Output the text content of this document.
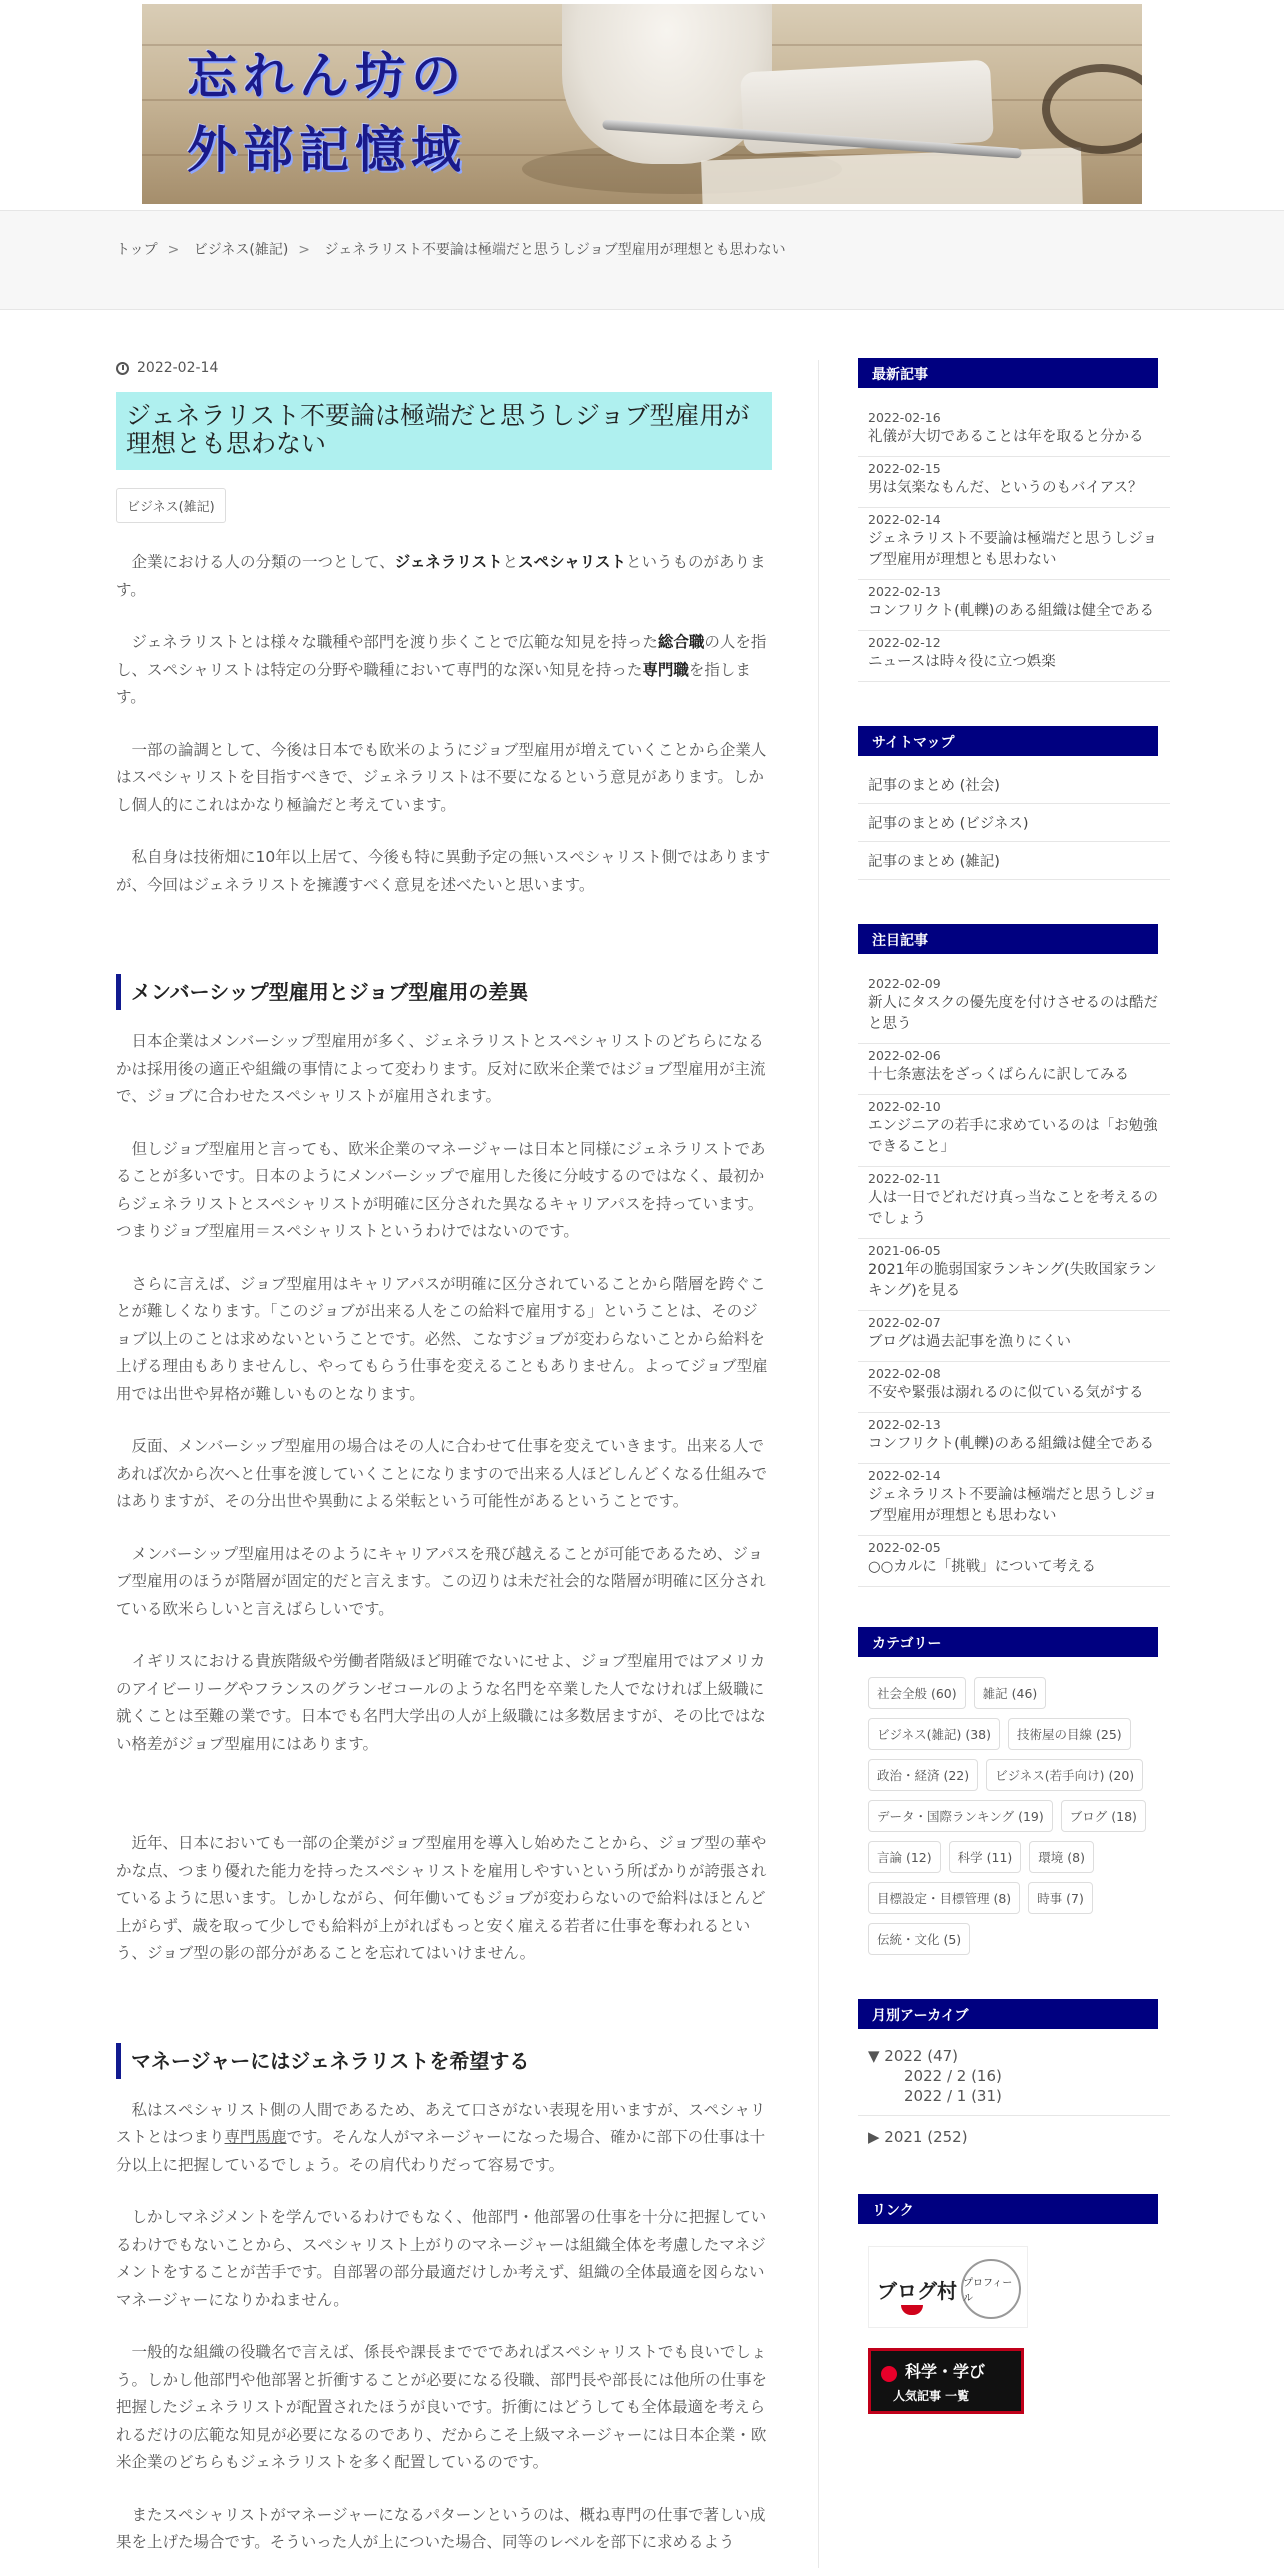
忘れん坊の
外部記憶域
トップ > ビジネス(雑記) > ジェネラリスト不要論は極端だと思うしジョブ型雇用が理想とも思わない
2022-02-14
ジェネラリスト不要論は極端だと思うしジョブ型雇用が理想とも思わない
ビジネス(雑記)

企業における人の分類の一つとして、ジェネラリストとスペシャリストというものがあります。

ジェネラリストとは様々な職種や部門を渡り歩くことで広範な知見を持った総合職の人を指し、スペシャリストは特定の分野や職種において専門的な深い知見を持った専門職を指します。

一部の論調として、今後は日本でも欧米のようにジョブ型雇用が増えていくことから企業人はスペシャリストを目指すべきで、ジェネラリストは不要になるという意見があります。しかし個人的にこれはかなり極論だと考えています。

私自身は技術畑に10年以上居て、今後も特に異動予定の無いスペシャリスト側ではありますが、今回はジェネラリストを擁護すべく意見を述べたいと思います。

メンバーシップ型雇用とジョブ型雇用の差異

日本企業はメンバーシップ型雇用が多く、ジェネラリストとスペシャリストのどちらになるかは採用後の適正や組織の事情によって変わります。反対に欧米企業ではジョブ型雇用が主流で、ジョブに合わせたスペシャリストが雇用されます。

但しジョブ型雇用と言っても、欧米企業のマネージャーは日本と同様にジェネラリストであることが多いです。日本のようにメンバーシップで雇用した後に分岐するのではなく、最初からジェネラリストとスペシャリストが明確に区分された異なるキャリアパスを持っています。つまりジョブ型雇用＝スペシャリストというわけではないのです。

さらに言えば、ジョブ型雇用はキャリアパスが明確に区分されていることから階層を跨ぐことが難しくなります。「このジョブが出来る人をこの給料で雇用する」ということは、そのジョブ以上のことは求めないということです。必然、こなすジョブが変わらないことから給料を上げる理由もありませんし、やってもらう仕事を変えることもありません。よってジョブ型雇用では出世や昇格が難しいものとなります。

反面、メンバーシップ型雇用の場合はその人に合わせて仕事を変えていきます。出来る人であれば次から次へと仕事を渡していくことになりますので出来る人ほどしんどくなる仕組みではありますが、その分出世や異動による栄転という可能性があるということです。

メンバーシップ型雇用はそのようにキャリアパスを飛び越えることが可能であるため、ジョブ型雇用のほうが階層が固定的だと言えます。この辺りは未だ社会的な階層が明確に区分されている欧米らしいと言えばらしいです。

イギリスにおける貴族階級や労働者階級ほど明確でないにせよ、ジョブ型雇用ではアメリカのアイビーリーグやフランスのグランゼコールのような名門を卒業した人でなければ上級職に就くことは至難の業です。日本でも名門大学出の人が上級職には多数居ますが、その比ではない格差がジョブ型雇用にはあります。

近年、日本においても一部の企業がジョブ型雇用を導入し始めたことから、ジョブ型の華やかな点、つまり優れた能力を持ったスペシャリストを雇用しやすいという所ばかりが誇張されているように思います。しかしながら、何年働いてもジョブが変わらないので給料はほとんど上がらず、歳を取って少しでも給料が上がればもっと安く雇える若者に仕事を奪われるという、ジョブ型の影の部分があることを忘れてはいけません。

マネージャーにはジェネラリストを希望する

私はスペシャリスト側の人間であるため、あえて口さがない表現を用いますが、スペシャリストとはつまり専門馬鹿です。そんな人がマネージャーになった場合、確かに部下の仕事は十分以上に把握しているでしょう。その肩代わりだって容易です。

しかしマネジメントを学んでいるわけでもなく、他部門・他部署の仕事を十分に把握しているわけでもないことから、スペシャリスト上がりのマネージャーは組織全体を考慮したマネジメントをすることが苦手です。自部署の部分最適だけしか考えず、組織の全体最適を図らないマネージャーになりかねません。

一般的な組織の役職名で言えば、係長や課長まででであればスペシャリストでも良いでしょう。しかし他部門や他部署と折衝することが必要になる役職、部門長や部長には他所の仕事を把握したジェネラリストが配置されたほうが良いです。折衝にはどうしても全体最適を考えられるだけの広範な知見が必要になるのであり、だからこそ上級マネージャーには日本企業・欧米企業のどちらもジェネラリストを多く配置しているのです。

またスペシャリストがマネージャーになるパターンというのは、概ね専門の仕事で著しい成果を上げた場合です。そういった人が上についた場合、同等のレベルを部下に求めるよう

最新記事
2022-02-16
礼儀が大切であることは年を取ると分かる
2022-02-15
男は気楽なもんだ、というのもバイアス？
2022-02-14
ジェネラリスト不要論は極端だと思うしジョブ型雇用が理想とも思わない
2022-02-13
コンフリクト(軋轢)のある組織は健全である
2022-02-12
ニュースは時々役に立つ娯楽
サイトマップ
記事のまとめ (社会)
記事のまとめ (ビジネス)
記事のまとめ (雑記)
注目記事
2022-02-09
新人にタスクの優先度を付けさせるのは酷だと思う
2022-02-06
十七条憲法をざっくばらんに訳してみる
2022-02-10
エンジニアの若手に求めているのは「お勉強できること」
2022-02-11
人は一日でどれだけ真っ当なことを考えるのでしょう
2021-06-05
2021年の脆弱国家ランキング(失敗国家ランキング)を見る
2022-02-07
ブログは過去記事を漁りにくい
2022-02-08
不安や緊張は溺れるのに似ている気がする
2022-02-13
コンフリクト(軋轢)のある組織は健全である
2022-02-14
ジェネラリスト不要論は極端だと思うしジョブ型雇用が理想とも思わない
2022-02-05
○○カルに「挑戦」について考える
カテゴリー
社会全般 (60)	雑記 (46)
ビジネス(雑記) (38)	技術屋の目線 (25)
政治・経済 (22)	ビジネス(若手向け) (20)
データ・国際ランキング (19)	ブログ (18)
言論 (12)	科学 (11)	環境 (8)
目標設定・目標管理 (8)	時事 (7)
伝統・文化 (5)
月別アーカイブ
▼ 2022 (47)
2022 / 2 (16)
2022 / 1 (31)
▶ 2021 (252)
リンク
ブログ村 プロフィール
科学・学び
人気記事 一覧
